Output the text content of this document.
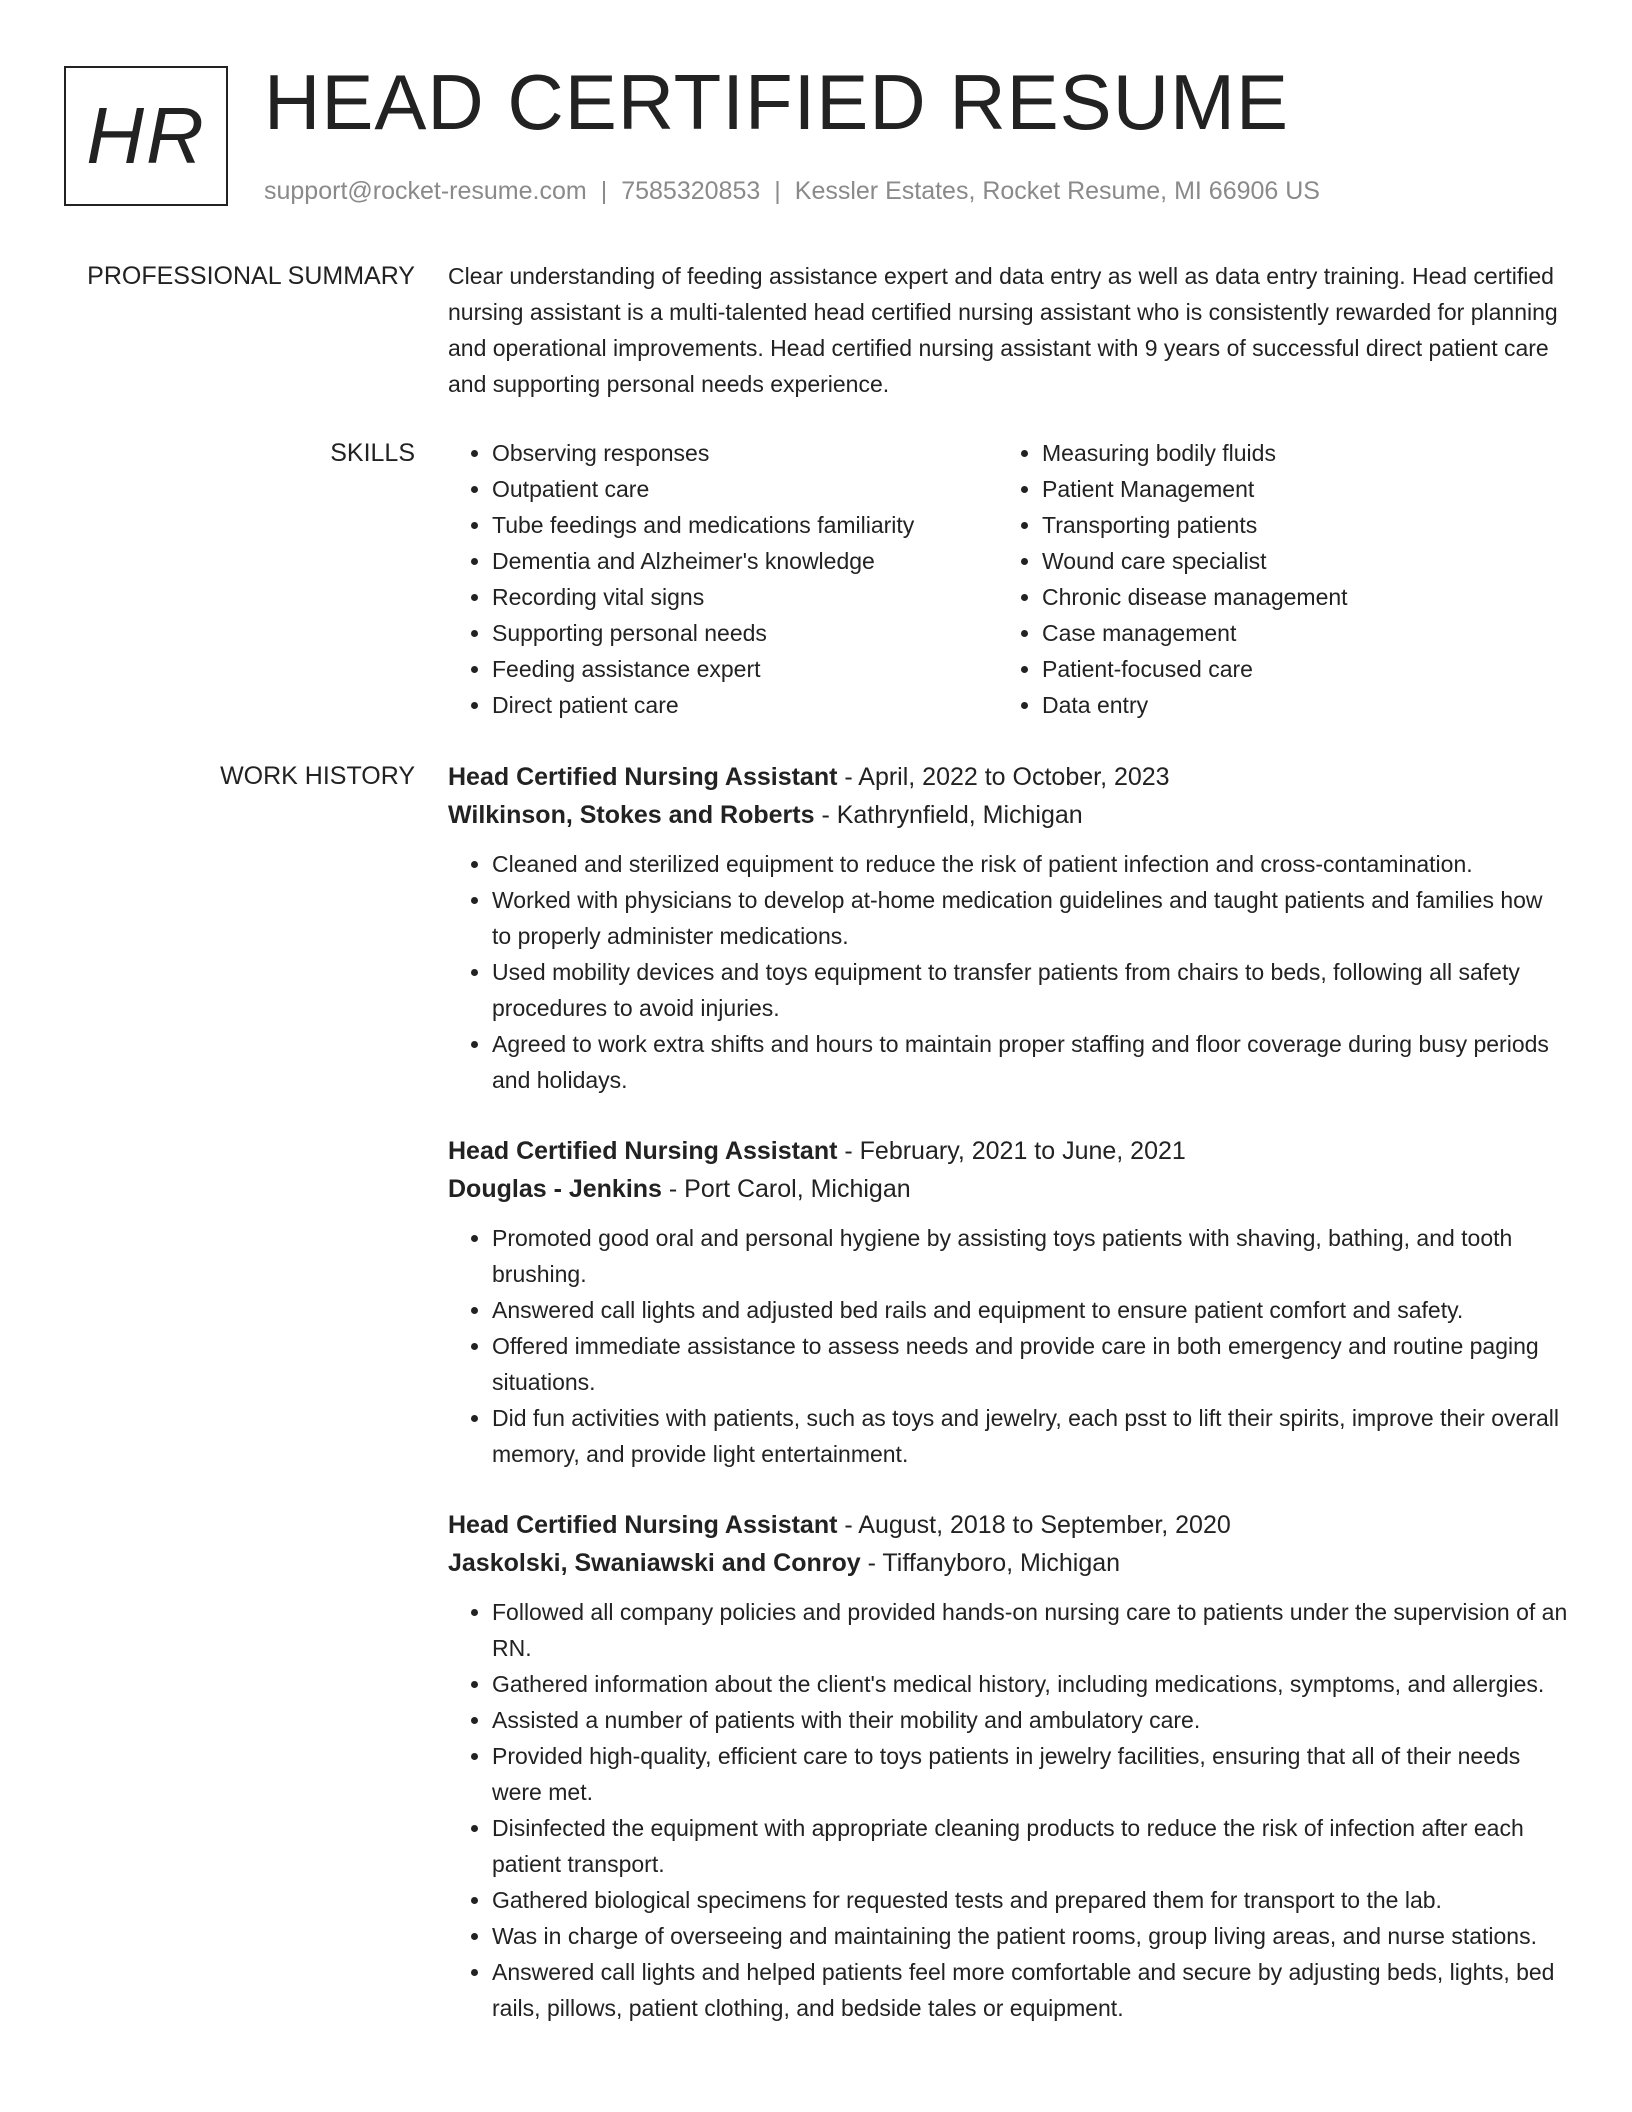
HR HEAD CERTIFIED RESUME
support@rocket-resume.com | 7585320853 | Kessler Estates, Rocket Resume, MI 66906 US
PROFESSIONAL SUMMARY Clear understanding of feeding assistance expert and data entry as well as data entry training. Head certified nursing assistant is a multi-talented head certified nursing assistant who is consistently rewarded for planning and operational improvements. Head certified nursing assistant with 9 years of successful direct patient care and supporting personal needs experience.

SKILLS
•	Observing responses
• Outpatient care
• Tube feedings and medications familiarity
• Dementia and Alzheimer's knowledge
• Recording vital signs
• Supporting personal needs
• Feeding assistance expert
• Direct patient care
• Measuring bodily fluids
• Patient Management
• Transporting patients
• Wound care specialist
• Chronic disease management
• Case management
• Patient-focused care
• Data entry
WORK HISTORY Head Certified Nursing Assistant - April, 2022 to October, 2023
Wilkinson, Stokes and Roberts - Kathrynfield, Michigan
• Cleaned and sterilized equipment to reduce the risk of patient infection and cross-contamination.
• Worked with physicians to develop at-home medication guidelines and taught patients and families how to properly administer medications.
• Used mobility devices and toys equipment to transfer patients from chairs to beds, following all safety procedures to avoid injuries.
• Agreed to work extra shifts and hours to maintain proper staffing and floor coverage during busy periods and holidays.
Head Certified Nursing Assistant - February, 2021 to June, 2021
Douglas - Jenkins - Port Carol, Michigan
• Promoted good oral and personal hygiene by assisting toys patients with shaving, bathing, and tooth brushing.
• Answered call lights and adjusted bed rails and equipment to ensure patient comfort and safety.
• Offered immediate assistance to assess needs and provide care in both emergency and routine paging situations.
• Did fun activities with patients, such as toys and jewelry, each psst to lift their spirits, improve their overall memory, and provide light entertainment.
Head Certified Nursing Assistant - August, 2018 to September, 2020
Jaskolski, Swaniawski and Conroy - Tiffanyboro, Michigan
• Followed all company policies and provided hands-on nursing care to patients under the supervision of an RN.
• Gathered information about the client's medical history, including medications, symptoms, and allergies.
• Assisted a number of patients with their mobility and ambulatory care.
• Provided high-quality, efficient care to toys patients in jewelry facilities, ensuring that all of their needs were met.
• Disinfected the equipment with appropriate cleaning products to reduce the risk of infection after each patient transport.
• Gathered biological specimens for requested tests and prepared them for transport to the lab.
• Was in charge of overseeing and maintaining the patient rooms, group living areas, and nurse stations.
• Answered call lights and helped patients feel more comfortable and secure by adjusting beds, lights, bed rails, pillows, patient clothing, and bedside tales or equipment.
